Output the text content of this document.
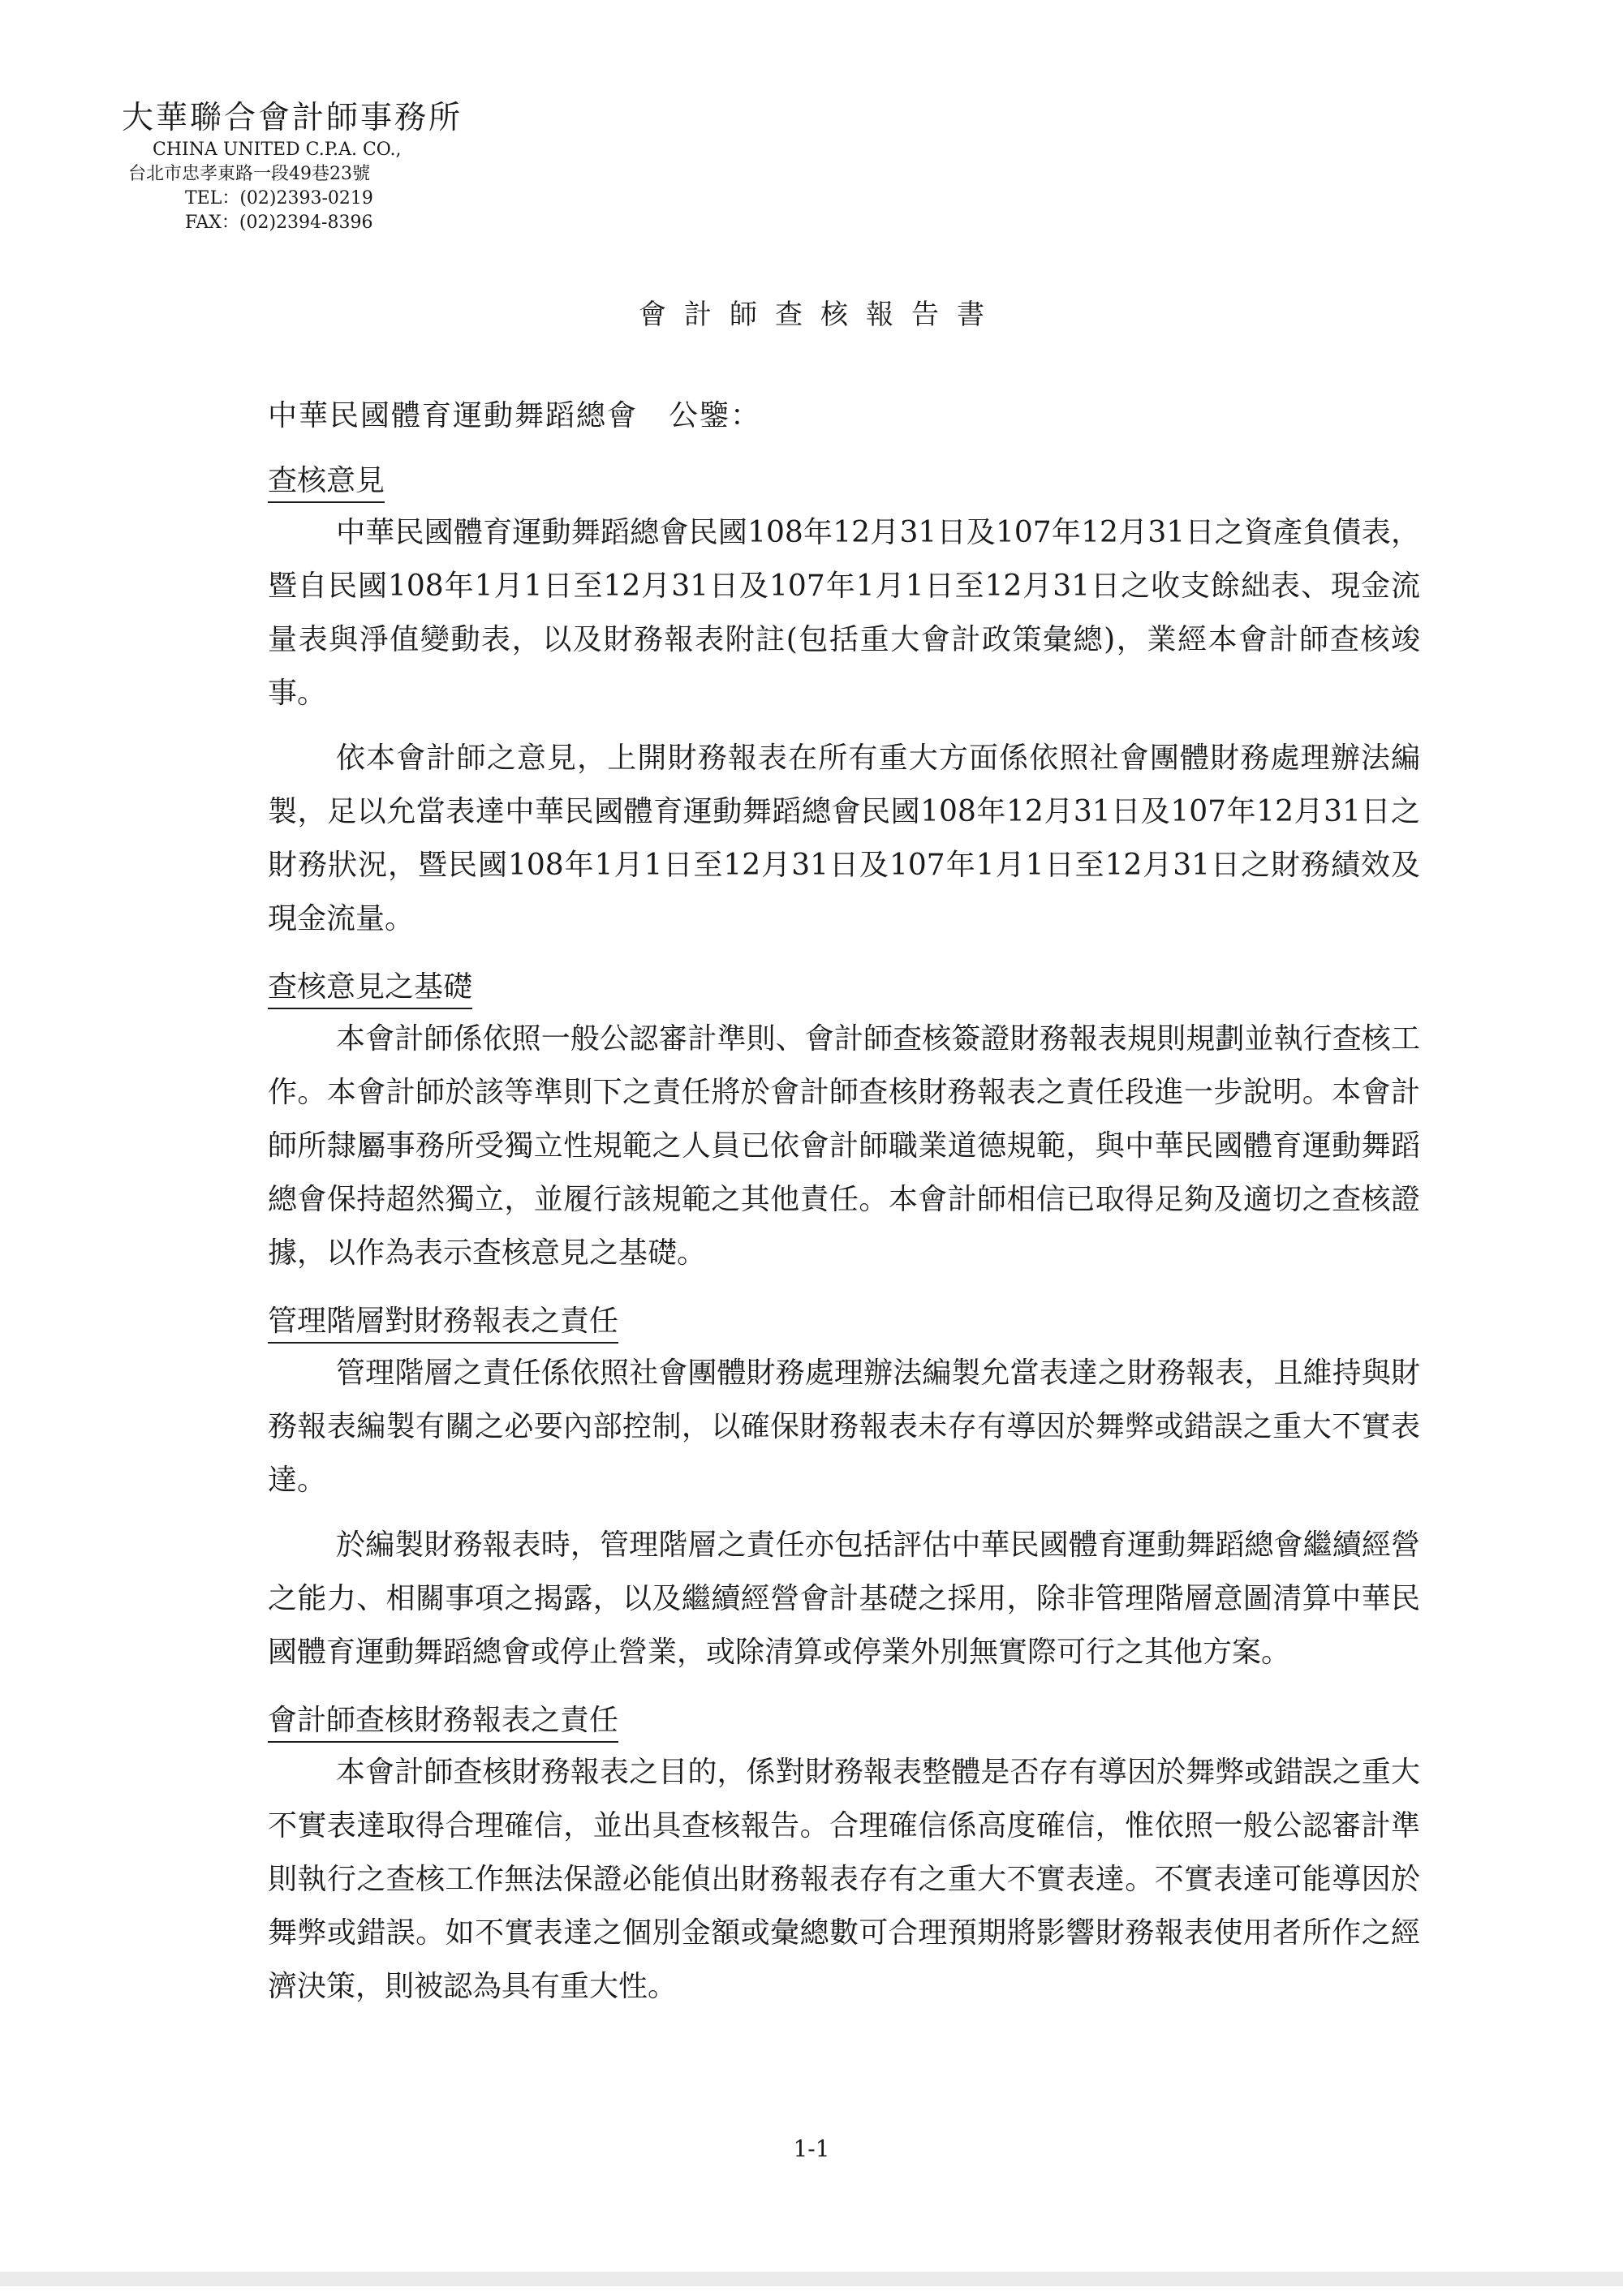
大華聯合會計師事務所
CHINA UNITED C.P.A. CO.,
台北市忠孝東路一段49巷23號
TEL：(02)2393-0219
FAX：(02)2394-8396
會計師查核報告書
中華民國體育運動舞蹈總會　公鑒：
查核意見

中華民國體育運動舞蹈總會民國108年12月31日及107年12月31日之資產負債表，暨自民國108年1月1日至12月31日及107年1月1日至12月31日之收支餘絀表、現金流量表與淨值變動表，以及財務報表附註(包括重大會計政策彙總)，業經本會計師查核竣事。

依本會計師之意見，上開財務報表在所有重大方面係依照社會團體財務處理辦法編製，足以允當表達中華民國體育運動舞蹈總會民國108年12月31日及107年12月31日之財務狀況，暨民國108年1月1日至12月31日及107年1月1日至12月31日之財務績效及現金流量。

查核意見之基礎

本會計師係依照一般公認審計準則、會計師查核簽證財務報表規則規劃並執行查核工作。本會計師於該等準則下之責任將於會計師查核財務報表之責任段進一步說明。本會計師所隸屬事務所受獨立性規範之人員已依會計師職業道德規範，與中華民國體育運動舞蹈總會保持超然獨立，並履行該規範之其他責任。本會計師相信已取得足夠及適切之查核證據，以作為表示查核意見之基礎。

管理階層對財務報表之責任

管理階層之責任係依照社會團體財務處理辦法編製允當表達之財務報表，且維持與財務報表編製有關之必要內部控制，以確保財務報表未存有導因於舞弊或錯誤之重大不實表達。

於編製財務報表時，管理階層之責任亦包括評估中華民國體育運動舞蹈總會繼續經營之能力、相關事項之揭露，以及繼續經營會計基礎之採用，除非管理階層意圖清算中華民國體育運動舞蹈總會或停止營業，或除清算或停業外別無實際可行之其他方案。

會計師查核財務報表之責任

本會計師查核財務報表之目的，係對財務報表整體是否存有導因於舞弊或錯誤之重大不實表達取得合理確信，並出具查核報告。合理確信係高度確信，惟依照一般公認審計準則執行之查核工作無法保證必能偵出財務報表存有之重大不實表達。不實表達可能導因於舞弊或錯誤。如不實表達之個別金額或彙總數可合理預期將影響財務報表使用者所作之經濟決策，則被認為具有重大性。

1-1
